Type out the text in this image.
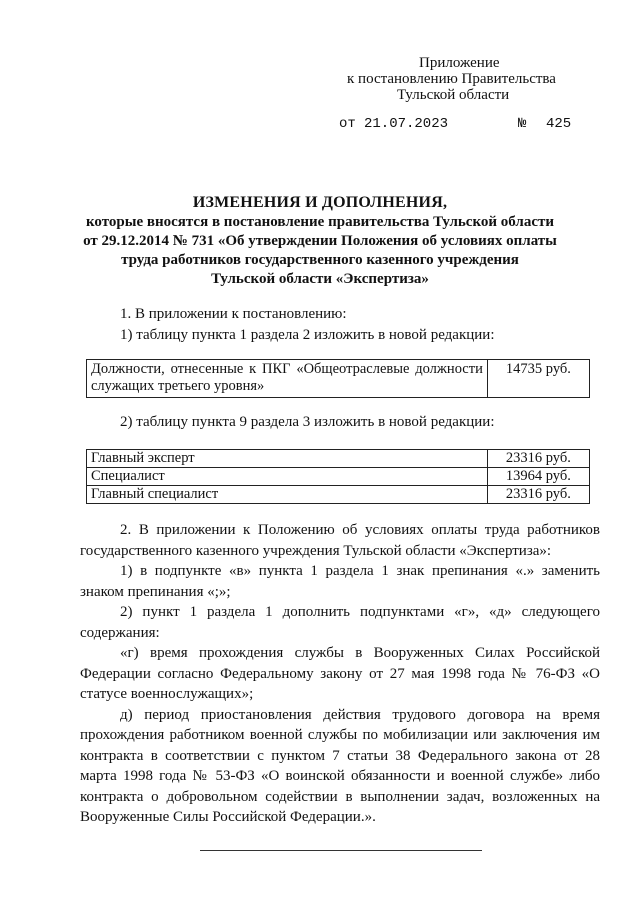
Приложение
к постановлению Правительства
Тульской области
от 21.07.2023	№ 425
ИЗМЕНЕНИЯ И ДОПОЛНЕНИЯ,
которые вносятся в постановление правительства Тульской области
от 29.12.2014 № 731 «Об утверждении Положения об условиях оплаты
труда работников государственного казенного учреждения
Тульской области «Экспертиза»

1. В приложении к постановлению:

1) таблицу пункта 1 раздела 2 изложить в новой редакции:

Должности, отнесенные к ПКГ «Общеотраслевые должности служащих третьего уровня»	14735 руб.

2) таблицу пункта 9 раздела 3 изложить в новой редакции:

Главный эксперт	23316 руб.
Специалист	13964 руб.
Главный специалист	23316 руб.

2. В приложении к Положению об условиях оплаты труда работников государственного казенного учреждения Тульской области «Экспертиза»:

1) в подпункте «в» пункта 1 раздела 1 знак препинания «.» заменить знаком препинания «;»;

2) пункт 1 раздела 1 дополнить подпунктами «г», «д» следующего содержания:

«г) время прохождения службы в Вооруженных Силах Российской Федерации согласно Федеральному закону от 27 мая 1998 года № 76-ФЗ «О статусе военнослужащих»;

д) период приостановления действия трудового договора на время прохождения работником военной службы по мобилизации или заключения им контракта в соответствии с пунктом 7 статьи 38 Федерального закона от 28 марта 1998 года № 53-ФЗ «О воинской обязанности и военной службе» либо контракта о добровольном содействии в выполнении задач, возложенных на Вооруженные Силы Российской Федерации.».
